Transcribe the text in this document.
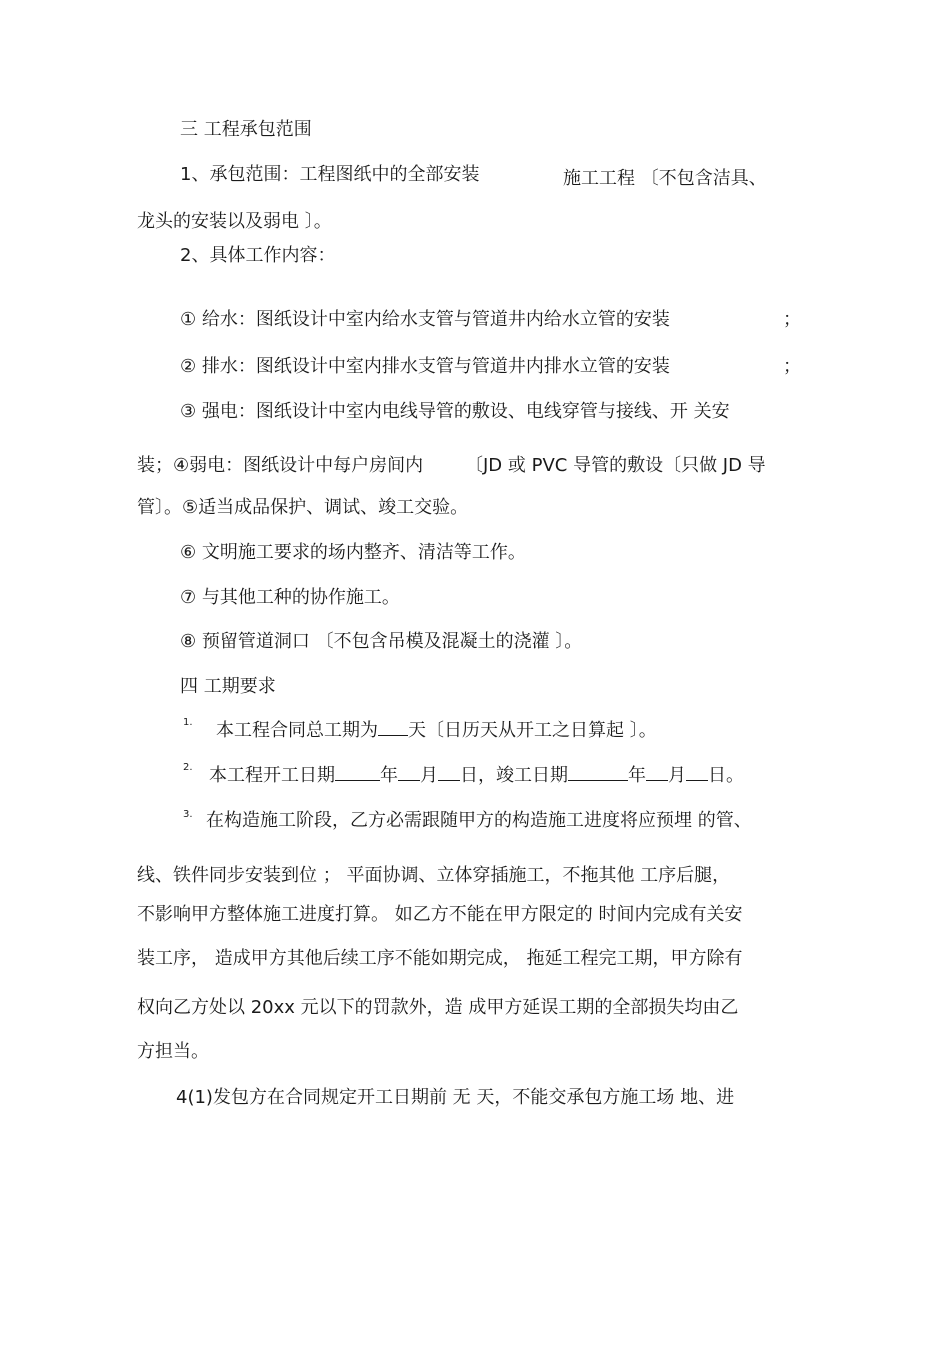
三 工程承包范围
1、承包范围：工程图纸中的全部安装	施工工程 〔不包含洁具、
龙头的安装以及弱电 〕。
2、具体工作内容：
① 给水：图纸设计中室内给水支管与管道井内给水立管的安装	；
② 排水：图纸设计中室内排水支管与管道井内排水立管的安装	；
③ 强电：图纸设计中室内电线导管的敷设、电线穿管与接线、开 关安
装；④弱电：图纸设计中每户房间内 〔JD 或 PVC 导管的敷设〔只做 JD 导
管〕。⑤适当成品保护、调试、竣工交验。
⑥ 文明施工要求的场内整齐、清洁等工作。
⑦ 与其他工种的协作施工。
⑧ 预留管道洞口 〔不包含吊模及混凝土的浇灌 〕。
四 工期要求
1. 本工程合同总工期为 天〔日历天从开工之日算起 〕。
2. 本工程开工日期	年 月 日，竣工日期	年 月 日。
3. 在构造施工阶段，乙方必需跟随甲方的构造施工进度将应预埋 的管、
线、铁件同步安装到位 ； 平面协调、立体穿插施工，不拖其他 工序后腿，
不影响甲方整体施工进度打算。 如乙方不能在甲方限定的 时间内完成有关安
装工序， 造成甲方其他后续工序不能如期完成， 拖延工程完工期，甲方除有
权向乙方处以 20xx 元以下的罚款外，造 成甲方延误工期的全部损失均由乙
方担当。
4(1)发包方在合同规定开工日期前 无 天，不能交承包方施工场 地、进
